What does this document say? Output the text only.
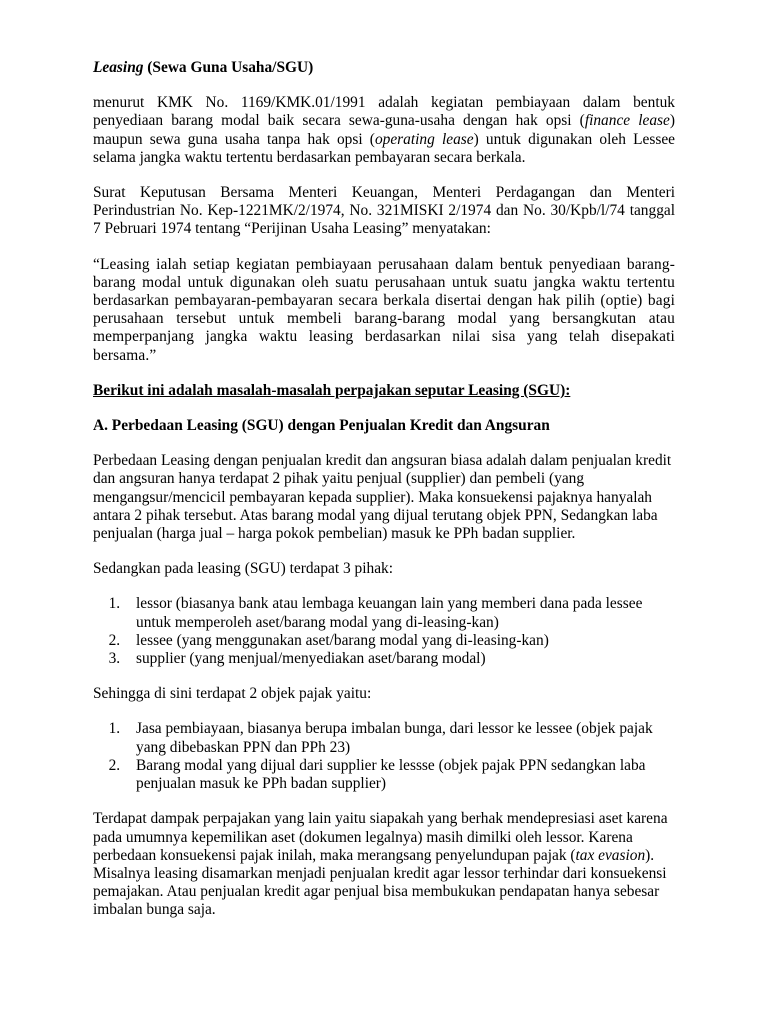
Leasing (Sewa Guna Usaha/SGU)

menurut KMK No. 1169/KMK.01/1991 adalah kegiatan pembiayaan dalam bentuk penyediaan barang modal baik secara sewa-guna-usaha dengan hak opsi (finance lease) maupun sewa guna usaha tanpa hak opsi (operating lease) untuk digunakan oleh Lessee selama jangka waktu tertentu berdasarkan pembayaran secara berkala.

Surat Keputusan Bersama Menteri Keuangan, Menteri Perdagangan dan Menteri Perindustrian No. Kep-1221MK/2/1974, No. 321MISKI 2/1974 dan No. 30/Kpb/l/74 tanggal 7 Pebruari 1974 tentang “Perijinan Usaha Leasing” menyatakan:

“Leasing ialah setiap kegiatan pembiayaan perusahaan dalam bentuk penyediaan barang-barang modal untuk digunakan oleh suatu perusahaan untuk suatu jangka waktu tertentu berdasarkan pembayaran-pembayaran secara berkala disertai dengan hak pilih (optie) bagi perusahaan tersebut untuk membeli barang-barang modal yang bersangkutan atau memperpanjang jangka waktu leasing berdasarkan nilai sisa yang telah disepakati bersama.”

Berikut ini adalah masalah-masalah perpajakan seputar Leasing (SGU):

A. Perbedaan Leasing (SGU) dengan Penjualan Kredit dan Angsuran

Perbedaan Leasing dengan penjualan kredit dan angsuran biasa adalah dalam penjualan kredit dan angsuran hanya terdapat 2 pihak yaitu penjual (supplier) dan pembeli (yang mengangsur/mencicil pembayaran kepada supplier). Maka konsuekensi pajaknya hanyalah antara 2 pihak tersebut. Atas barang modal yang dijual terutang objek PPN, Sedangkan laba penjualan (harga jual – harga pokok pembelian) masuk ke PPh badan supplier.

Sedangkan pada leasing (SGU) terdapat 3 pihak:

1. lessor (biasanya bank atau lembaga keuangan lain yang memberi dana pada lessee untuk memperoleh aset/barang modal yang di-leasing-kan)
2. lessee (yang menggunakan aset/barang modal yang di-leasing-kan)
3. supplier (yang menjual/menyediakan aset/barang modal)

Sehingga di sini terdapat 2 objek pajak yaitu:

1. Jasa pembiayaan, biasanya berupa imbalan bunga, dari lessor ke lessee (objek pajak yang dibebaskan PPN dan PPh 23)
2. Barang modal yang dijual dari supplier ke lessse (objek pajak PPN sedangkan laba penjualan masuk ke PPh badan supplier)

Terdapat dampak perpajakan yang lain yaitu siapakah yang berhak mendepresiasi aset karena pada umumnya kepemilikan aset (dokumen legalnya) masih dimilki oleh lessor. Karena perbedaan konsuekensi pajak inilah, maka merangsang penyelundupan pajak (tax evasion). Misalnya leasing disamarkan menjadi penjualan kredit agar lessor terhindar dari konsuekensi pemajakan. Atau penjualan kredit agar penjual bisa membukukan pendapatan hanya sebesar imbalan bunga saja.
